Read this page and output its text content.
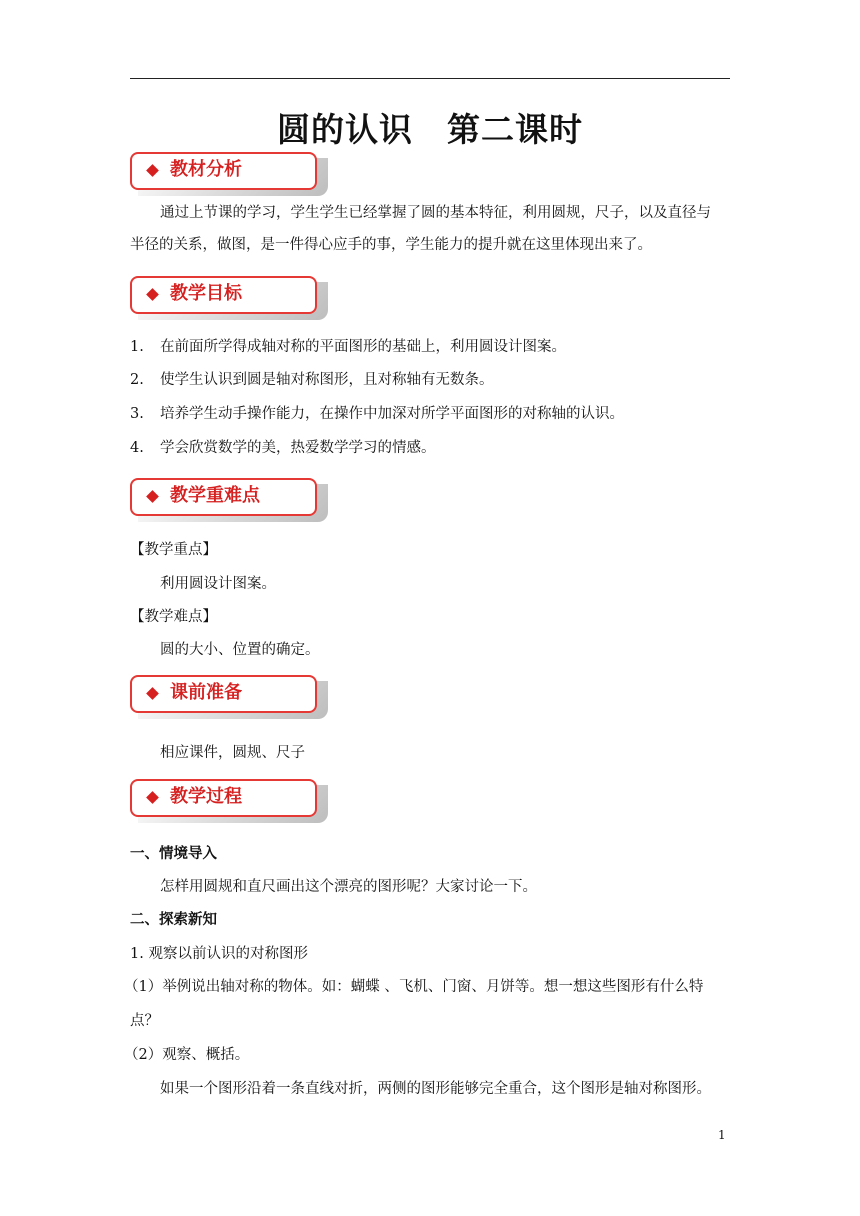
圆的认识　第二课时
教材分析
通过上节课的学习，学生学生已经掌握了圆的基本特征，利用圆规，尺子，以及直径与
半径的关系，做图，是一件得心应手的事，学生能力的提升就在这里体现出来了。
教学目标
1. 在前面所学得成轴对称的平面图形的基础上，利用圆设计图案。
2. 使学生认识到圆是轴对称图形，且对称轴有无数条。
3. 培养学生动手操作能力，在操作中加深对所学平面图形的对称轴的认识。
4. 学会欣赏数学的美，热爱数学学习的情感。
教学重难点
【教学重点】
利用圆设计图案。
【教学难点】
圆的大小、位置的确定。
课前准备
相应课件，圆规、尺子
教学过程
一、情境导入
怎样用圆规和直尺画出这个漂亮的图形呢？大家讨论一下。
二、探索新知
1. 观察以前认识的对称图形
（1）举例说出轴对称的物体。如：蝴蝶 、飞机、门窗、月饼等。想一想这些图形有什么特
点？
（2）观察、概括。
如果一个图形沿着一条直线对折，两侧的图形能够完全重合，这个图形是轴对称图形。
1
